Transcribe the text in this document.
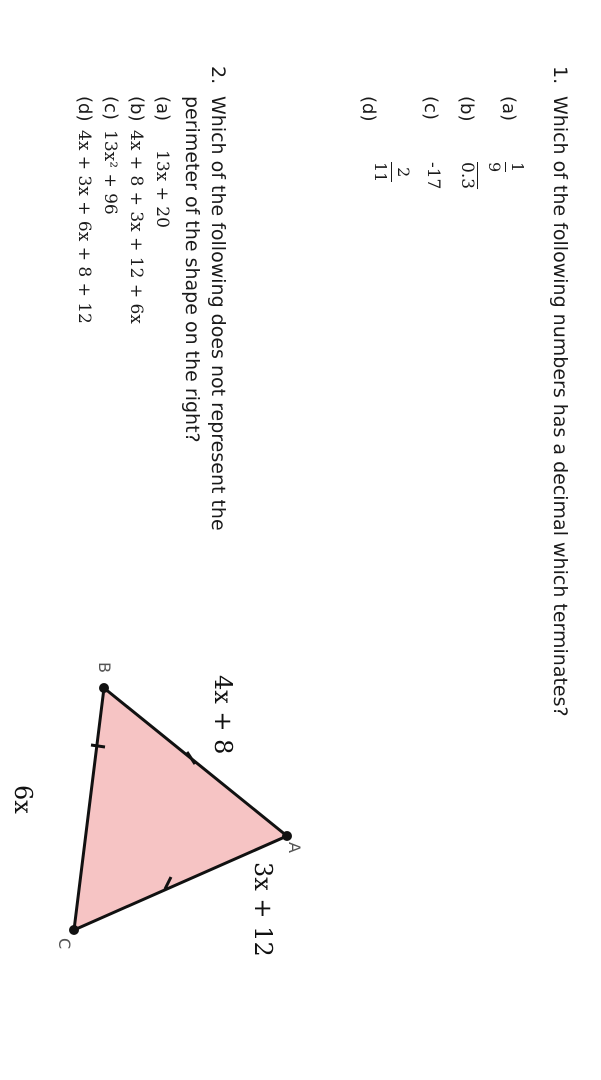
1.
Which of the following numbers has a decimal which terminates?
(a)
1
9
(b)
0.3
(c)
-17
(d)
2
11
2.
Which of the following does not represent the
perimeter of the shape on the right?
(a)
13x + 20
(b)
4x + 8 + 3x + 12 + 6x
(c)
13x² + 96
(d)
4x + 3x + 6x + 8 + 12
A
B
C
4x + 8
3x + 12
6x
